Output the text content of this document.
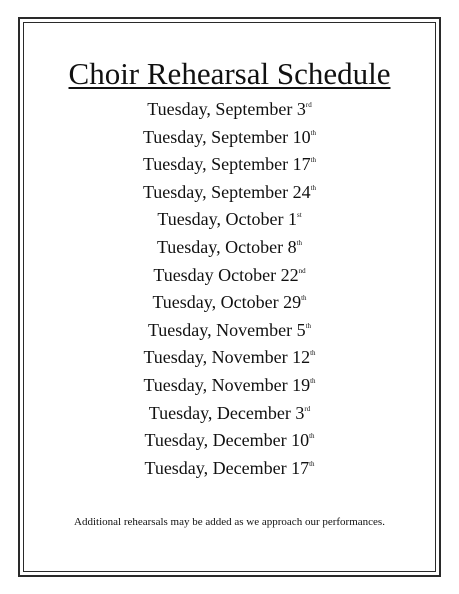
Choir Rehearsal Schedule
Tuesday, September 3rd
Tuesday, September 10th
Tuesday, September 17th
Tuesday, September 24th
Tuesday, October 1st
Tuesday, October 8th
Tuesday October 22nd
Tuesday, October 29th
Tuesday, November 5th
Tuesday, November 12th
Tuesday, November 19th
Tuesday, December 3rd
Tuesday, December 10th
Tuesday, December 17th
Additional rehearsals may be added as we approach our performances.
